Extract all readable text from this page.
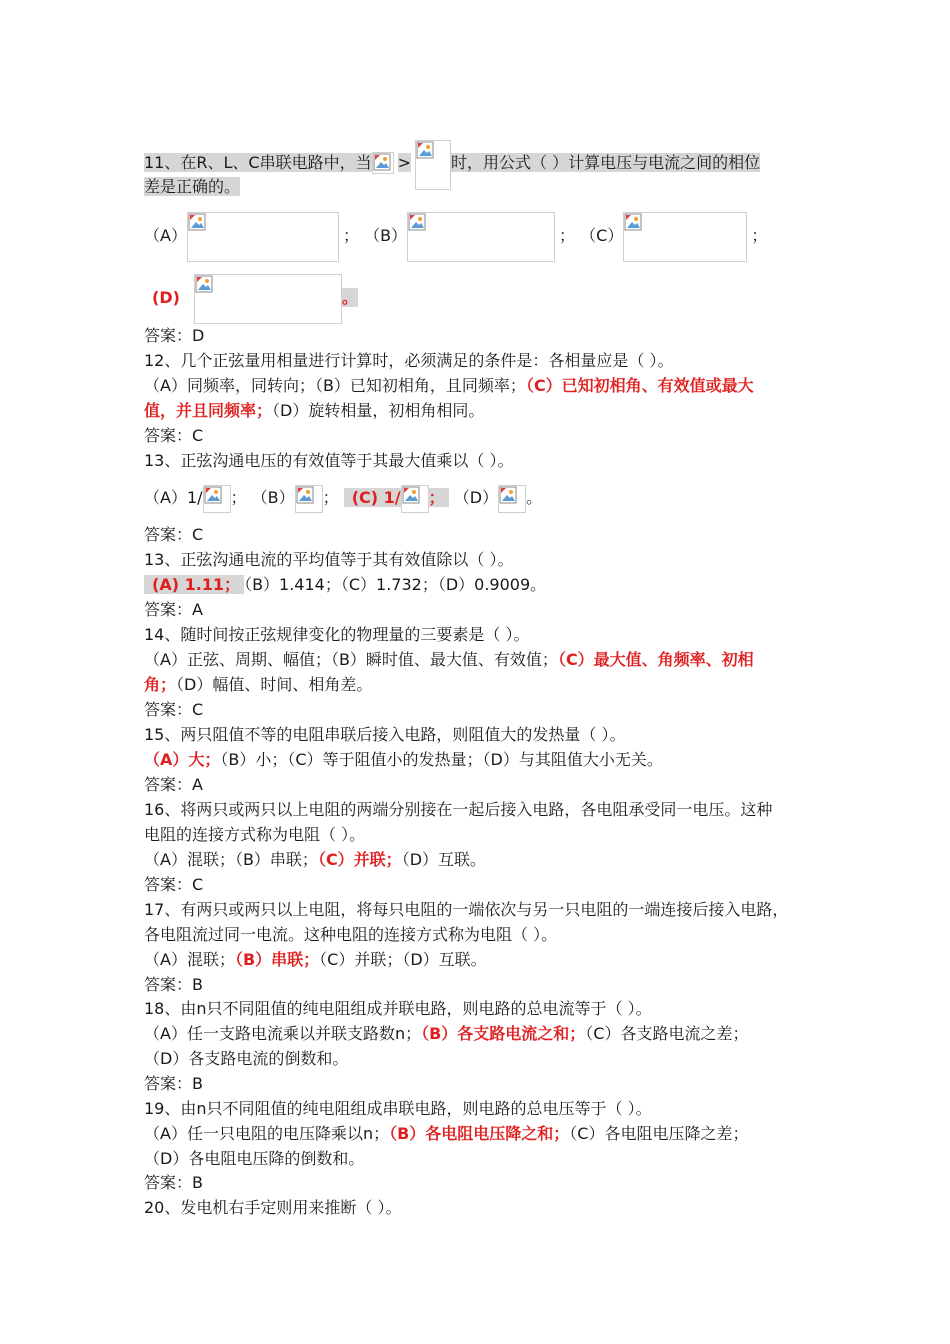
11、在R、L、C串联电路中，当 >	时，用公式（ ）计算电压与电流之间的相位
差是正确的。
（A）	； （B）	； （C）	；
(D)	。
答案：D
12、几个正弦量用相量进行计算时，必须满足的条件是：各相量应是（ ）。
（A）同频率，同转向；（B）已知初相角，且同频率；（C）已知初相角、有效值或最大
值，并且同频率；（D）旋转相量，初相角相同。
答案：C
13、正弦沟通电压的有效值等于其最大值乘以（ ）。
（A）1/ ； （B） ； (C) 1/ ； （D） 。
答案：C
13、正弦沟通电流的平均值等于其有效值除以（ ）。
(A) 1.11； （B）1.414；（C）1.732；（D）0.9009。
答案：A
14、随时间按正弦规律变化的物理量的三要素是（ ）。
（A）正弦、周期、幅值；（B）瞬时值、最大值、有效值；（C）最大值、角频率、初相
角；（D）幅值、时间、相角差。
答案：C
15、两只阻值不等的电阻串联后接入电路，则阻值大的发热量（ ）。
（A）大；（B）小；（C）等于阻值小的发热量；（D）与其阻值大小无关。
答案：A
16、将两只或两只以上电阻的两端分别接在一起后接入电路，各电阻承受同一电压。这种
电阻的连接方式称为电阻（ ）。
（A）混联；（B）串联；（C）并联；（D）互联。
答案：C
17、有两只或两只以上电阻，将每只电阻的一端依次与另一只电阻的一端连接后接入电路，
各电阻流过同一电流。这种电阻的连接方式称为电阻（ ）。
（A）混联；（B）串联；（C）并联；（D）互联。
答案：B
18、由n只不同阻值的纯电阻组成并联电路，则电路的总电流等于（ ）。
（A）任一支路电流乘以并联支路数n；（B）各支路电流之和；（C）各支路电流之差；
（D）各支路电流的倒数和。
答案：B
19、由n只不同阻值的纯电阻组成串联电路，则电路的总电压等于（ ）。
（A）任一只电阻的电压降乘以n；（B）各电阻电压降之和；（C）各电阻电压降之差；
（D）各电阻电压降的倒数和。
答案：B
20、发电机右手定则用来推断（ ）。
